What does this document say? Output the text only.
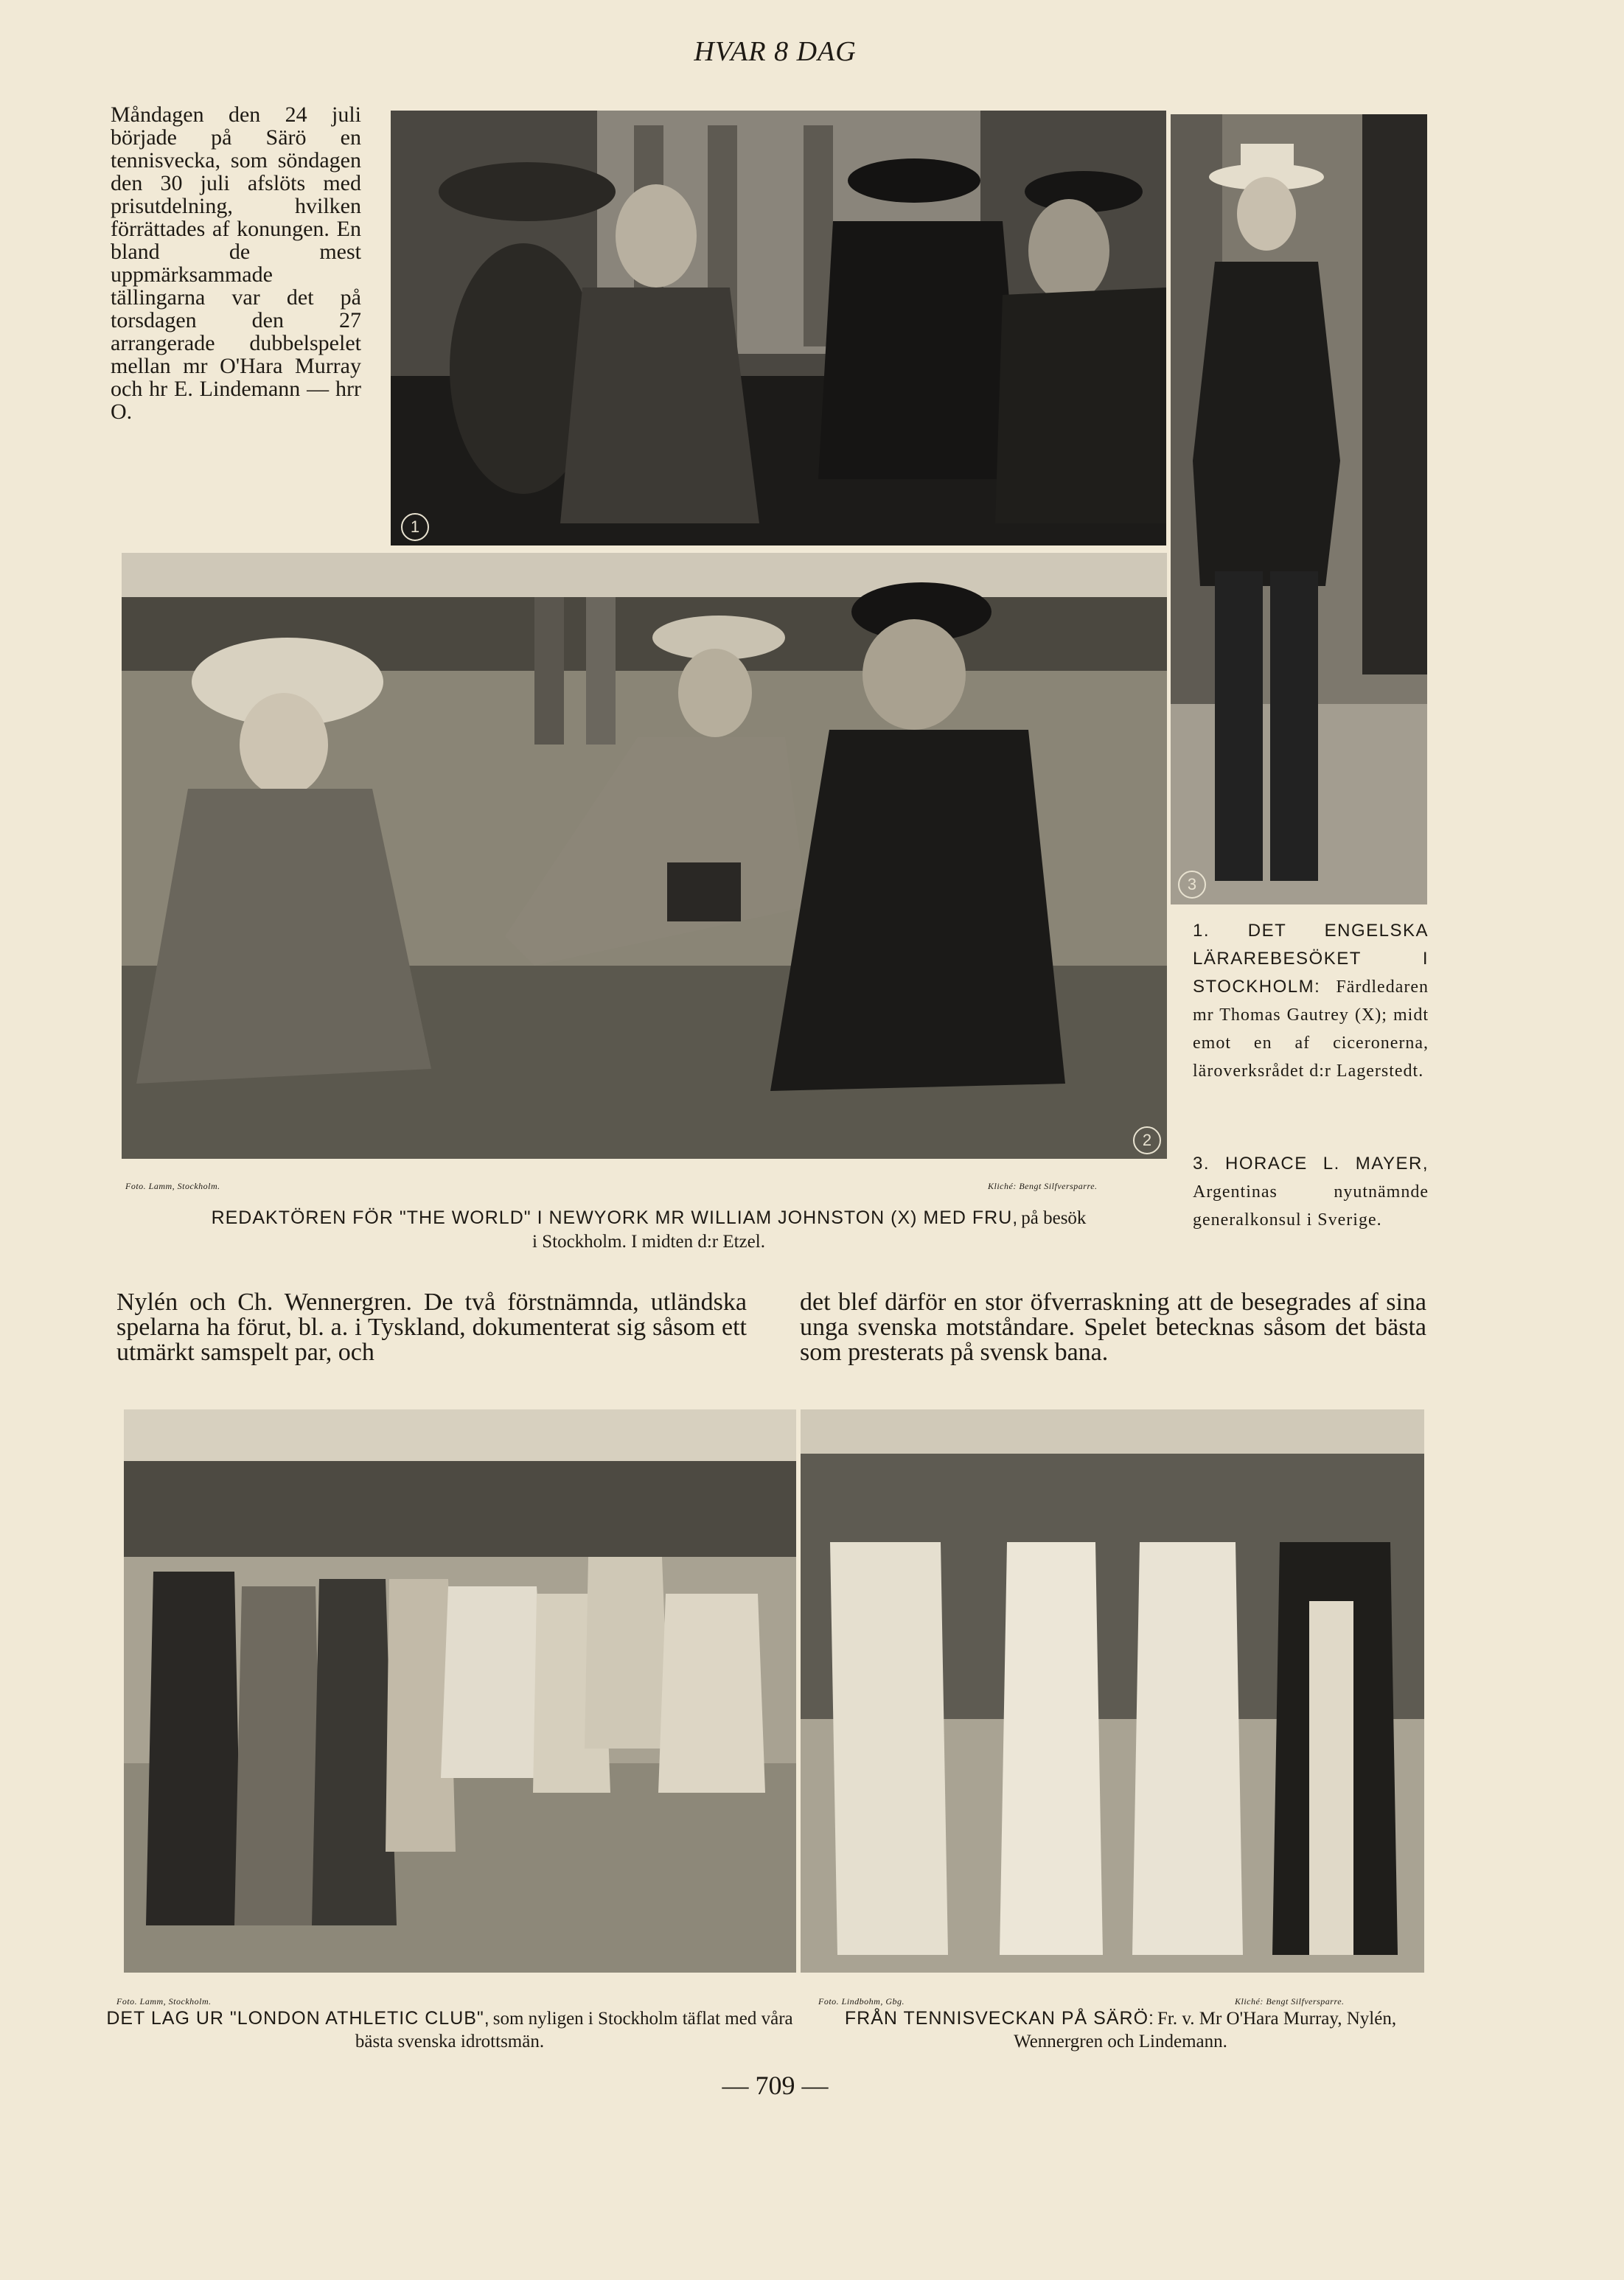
HVAR 8 DAG
Måndagen den 24 juli började på Särö en tennisvecka, som söndagen den 30 juli afslöts med prisutdelning, hvilken förrättades af konungen. En bland de mest uppmärksammade tällingarna var det på torsdagen den 27 arrangerade dubbelspelet mellan mr O'Hara Murray och hr E. Lindemann — hrr O.
1
3
2
Foto. Lamm, Stockholm.	Kliché: Bengt Silfversparre.
REDAKTÖREN FÖR "THE WORLD" I NEWYORK MR WILLIAM JOHNSTON (X) MED FRU, på besök
i Stockholm. I midten d:r Etzel.
1. DET ENGELSKA LÄRAREBESÖKET I STOCKHOLM: Färdledaren mr Thomas Gautrey (X); midt emot en af ciceronerna, läroverksrådet d:r Lagerstedt.
3. HORACE L. MAYER, Argentinas nyutnämnde generalkonsul i Sverige.
Nylén och Ch. Wennergren. De två förstnämnda, utländska spelarna ha förut, bl. a. i Tyskland, dokumenterat sig såsom ett utmärkt samspelt par, och
det blef därför en stor öfverraskning att de besegrades af sina unga svenska motståndare. Spelet betecknas såsom det bästa som presterats på svensk bana.
Foto. Lamm, Stockholm.
DET LAG UR "LONDON ATHLETIC CLUB", som nyligen i Stockholm täflat med våra bästa svenska idrottsmän.
Foto. Lindbohm, Gbg.	Kliché: Bengt Silfversparre.
FRÅN TENNISVECKAN PÅ SÄRÖ: Fr. v. Mr O'Hara Murray, Nylén, Wennergren och Lindemann.
— 709 —
